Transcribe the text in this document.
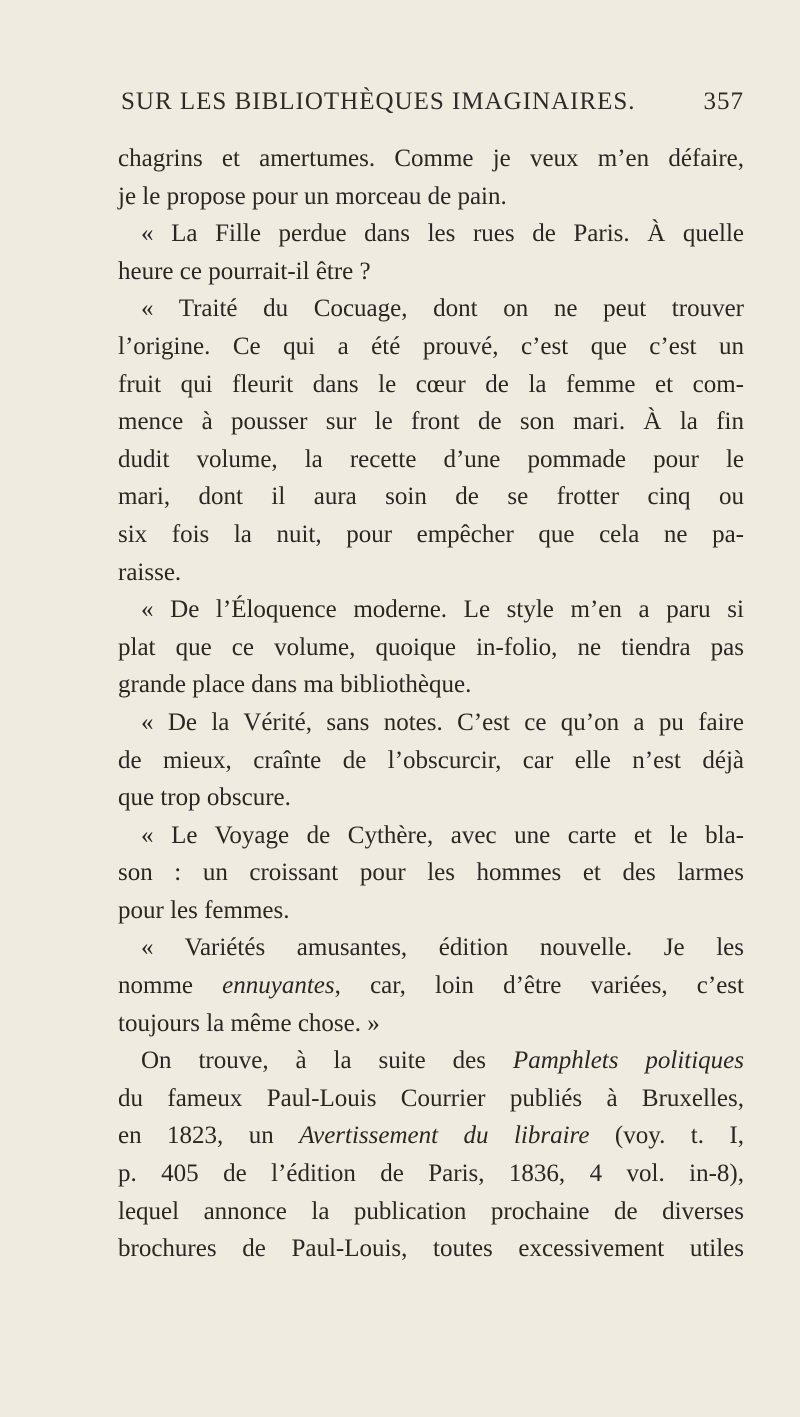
SUR LES BIBLIOTHÈQUES IMAGINAIRES.	357

chagrins et amertumes. Comme je veux m’en défaire,
je le propose pour un morceau de pain.

« La Fille perdue dans les rues de Paris. À quelle
heure ce pourrait-il être ?

« Traité du Cocuage, dont on ne peut trouver
l’origine. Ce qui a été prouvé, c’est que c’est un
fruit qui fleurit dans le cœur de la femme et com-
mence à pousser sur le front de son mari. À la fin
dudit volume, la recette d’une pommade pour le
mari, dont il aura soin de se frotter cinq ou
six fois la nuit, pour empêcher que cela ne pa-
raisse.

« De l’Éloquence moderne. Le style m’en a paru si
plat que ce volume, quoique in-folio, ne tiendra pas
grande place dans ma bibliothèque.

« De la Vérité, sans notes. C’est ce qu’on a pu faire
de mieux, craînte de l’obscurcir, car elle n’est déjà
que trop obscure.

« Le Voyage de Cythère, avec une carte et le bla-
son : un croissant pour les hommes et des larmes
pour les femmes.

« Variétés amusantes, édition nouvelle. Je les
nomme ennuyantes, car, loin d’être variées, c’est
toujours la même chose. »

On trouve, à la suite des Pamphlets politiques
du fameux Paul-Louis Courrier publiés à Bruxelles,
en 1823, un Avertissement du libraire (voy. t. I,
p. 405 de l’édition de Paris, 1836, 4 vol. in-8),
lequel annonce la publication prochaine de diverses
brochures de Paul-Louis, toutes excessivement utiles
